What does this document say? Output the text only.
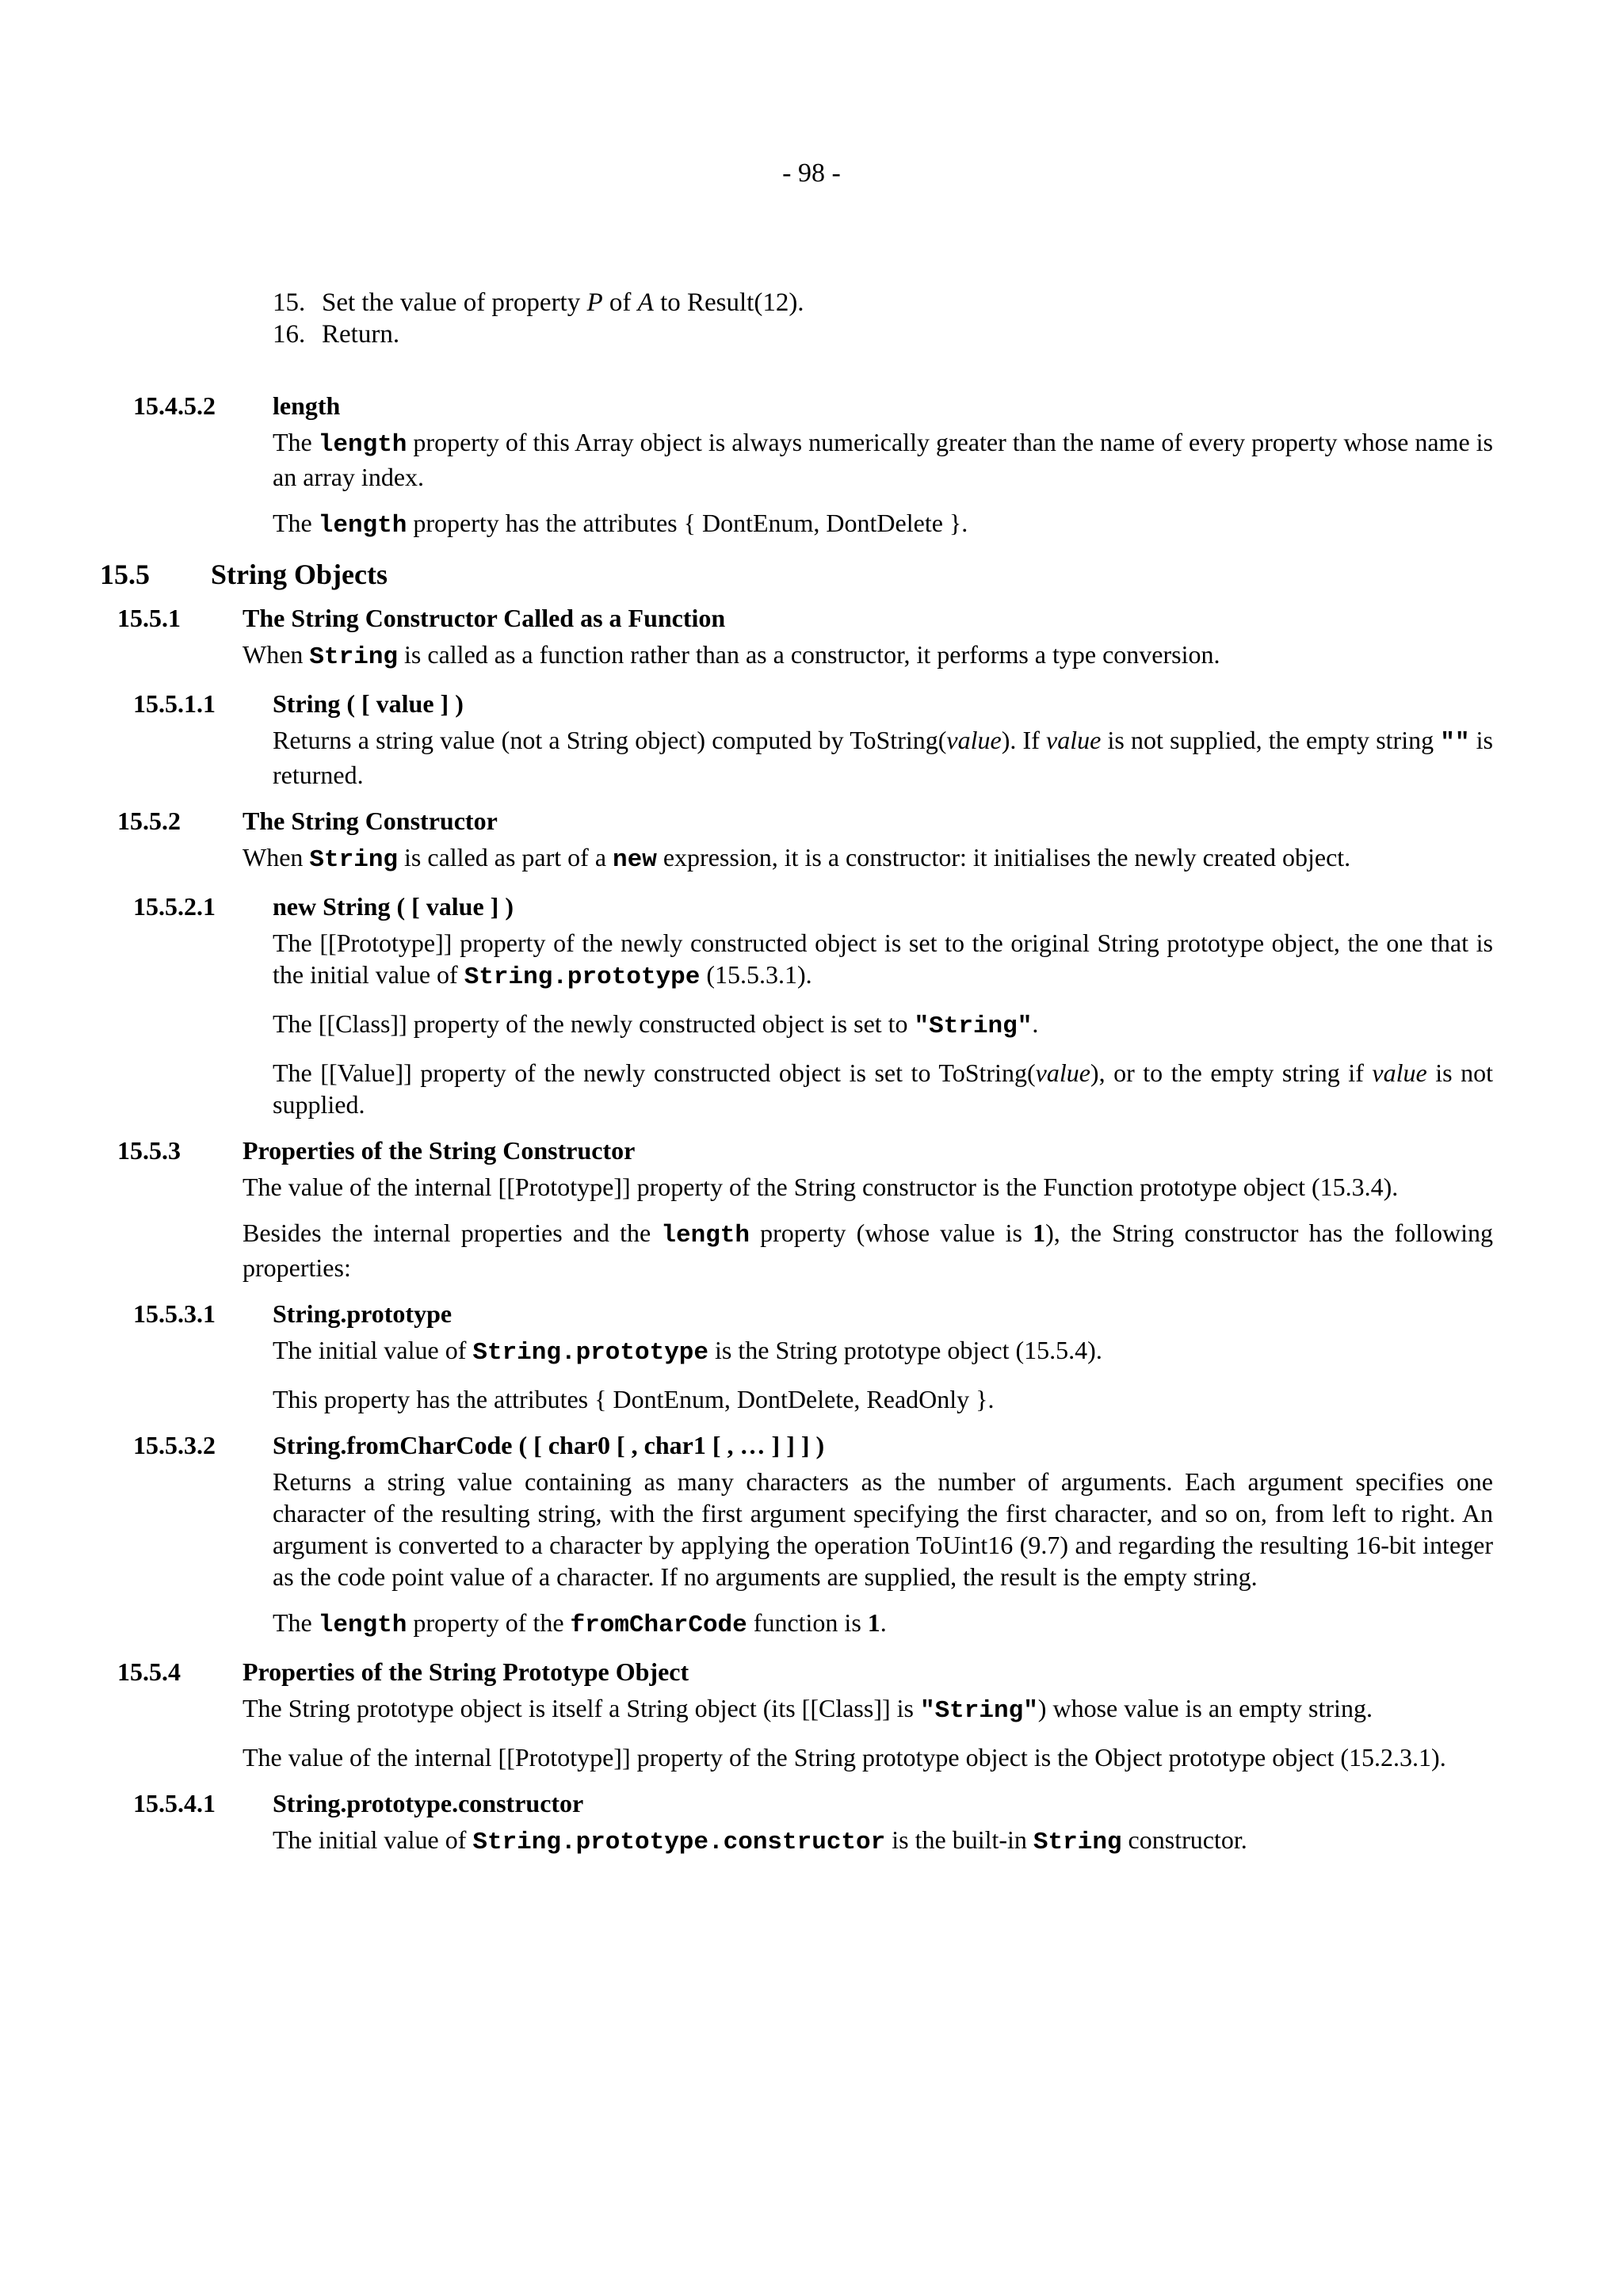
- 98 -
15. Set the value of property P of A to Result(12).
16. Return.
15.4.5.2 length
The length property of this Array object is always numerically greater than the name of every property whose name is an array index.
The length property has the attributes { DontEnum, DontDelete }.
15.5 String Objects
15.5.1 The String Constructor Called as a Function
When String is called as a function rather than as a constructor, it performs a type conversion.
15.5.1.1 String ( [ value ] )
Returns a string value (not a String object) computed by ToString(value). If value is not supplied, the empty string "" is returned.
15.5.2 The String Constructor
When String is called as part of a new expression, it is a constructor: it initialises the newly created object.
15.5.2.1 new String ( [ value ] )
The [[Prototype]] property of the newly constructed object is set to the original String prototype object, the one that is the initial value of String.prototype (15.5.3.1).
The [[Class]] property of the newly constructed object is set to "String".
The [[Value]] property of the newly constructed object is set to ToString(value), or to the empty string if value is not supplied.
15.5.3 Properties of the String Constructor
The value of the internal [[Prototype]] property of the String constructor is the Function prototype object (15.3.4).
Besides the internal properties and the length property (whose value is 1), the String constructor has the following properties:
15.5.3.1 String.prototype
The initial value of String.prototype is the String prototype object (15.5.4).
This property has the attributes { DontEnum, DontDelete, ReadOnly }.
15.5.3.2 String.fromCharCode ( [ char0 [ , char1 [ , … ] ] ] )
Returns a string value containing as many characters as the number of arguments. Each argument specifies one character of the resulting string, with the first argument specifying the first character, and so on, from left to right. An argument is converted to a character by applying the operation ToUint16 (9.7) and regarding the resulting 16-bit integer as the code point value of a character. If no arguments are supplied, the result is the empty string.
The length property of the fromCharCode function is 1.
15.5.4 Properties of the String Prototype Object
The String prototype object is itself a String object (its [[Class]] is "String") whose value is an empty string.
The value of the internal [[Prototype]] property of the String prototype object is the Object prototype object (15.2.3.1).
15.5.4.1 String.prototype.constructor
The initial value of String.prototype.constructor is the built-in String constructor.
